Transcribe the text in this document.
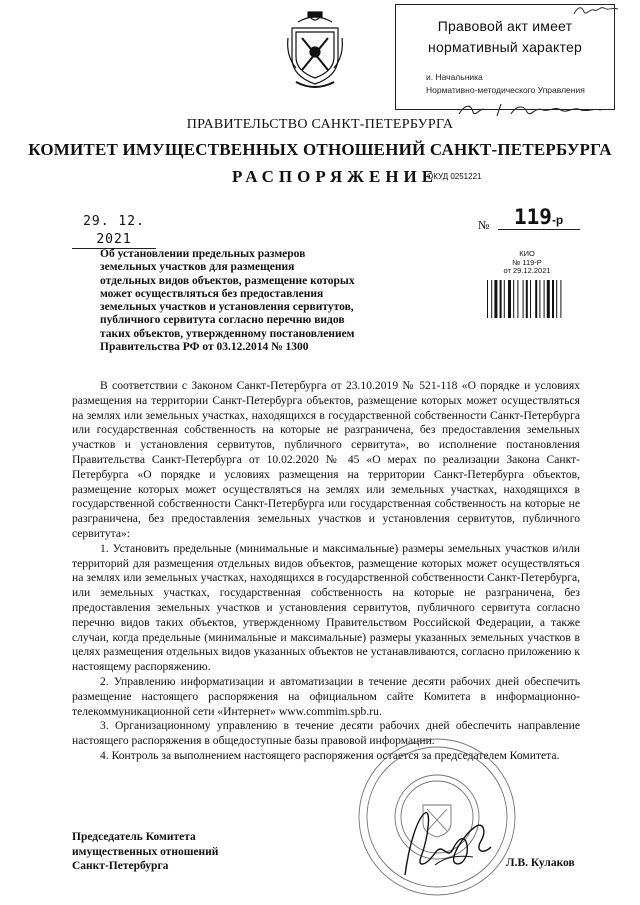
Правовой акт имеет
нормативный характер
и. Начальника
Нормативно-методического Управления
ПРАВИТЕЛЬСТВО САНКТ-ПЕТЕРБУРГА
КОМИТЕТ ИМУЩЕСТВЕННЫХ ОТНОШЕНИЙ САНКТ-ПЕТЕРБУРГА
РАСПОРЯЖЕНИЕ
ОКУД 0251221
29. 12. 2021
№	119-р
КИО
№ 119-Р
от 29.12.2021
Об установлении предельных размеров
земельных участков для размещения
отдельных видов объектов, размещение которых
может осуществляться без предоставления
земельных участков и установления сервитутов,
публичного сервитута согласно перечню видов
таких объектов, утвержденному постановлением
Правительства РФ от 03.12.2014 № 1300

В соответствии с Законом Санкт-Петербурга от 23.10.2019 № 521-118 «О порядке и условиях размещения на территории Санкт-Петербурга объектов, размещение которых может осуществляться на землях или земельных участках, находящихся в государственной собственности Санкт-Петербурга или государственная собственность на которые не разграничена, без предоставления земельных участков и установления сервитутов, публичного сервитута», во исполнение постановления Правительства Санкт-Петербурга от 10.02.2020 № 45 «О мерах по реализации Закона Санкт-Петербурга «О порядке и условиях размещения на территории Санкт-Петербурга объектов, размещение которых может осуществляться на землях или земельных участках, находящихся в государственной собственности Санкт-Петербурга или государственная собственность на которые не разграничена, без предоставления земельных участков и установления сервитутов, публичного сервитута»:

1. Установить предельные (минимальные и максимальные) размеры земельных участков и/или территорий для размещения отдельных видов объектов, размещение которых может осуществляться на землях или земельных участках, находящихся в государственной собственности Санкт-Петербурга, или земельных участках, государственная собственность на которые не разграничена, без предоставления земельных участков и установления сервитутов, публичного сервитута согласно перечню видов таких объектов, утвержденному Правительством Российской Федерации, а также случаи, когда предельные (минимальные и максимальные) размеры указанных земельных участков в целях размещения отдельных видов указанных объектов не устанавливаются, согласно приложению к настоящему распоряжению.

2. Управлению информатизации и автоматизации в течение десяти рабочих дней обеспечить размещение настоящего распоряжения на официальном сайте Комитета в информационно-телекоммуникационной сети «Интернет» www.commim.spb.ru.

3. Организационному управлению в течение десяти рабочих дней обеспечить направление настоящего распоряжения в общедоступные базы правовой информации.

4. Контроль за выполнением настоящего распоряжения остается за председателем Комитета.

Председатель Комитета
имущественных отношений
Санкт-Петербурга	Л.В. Кулаков
